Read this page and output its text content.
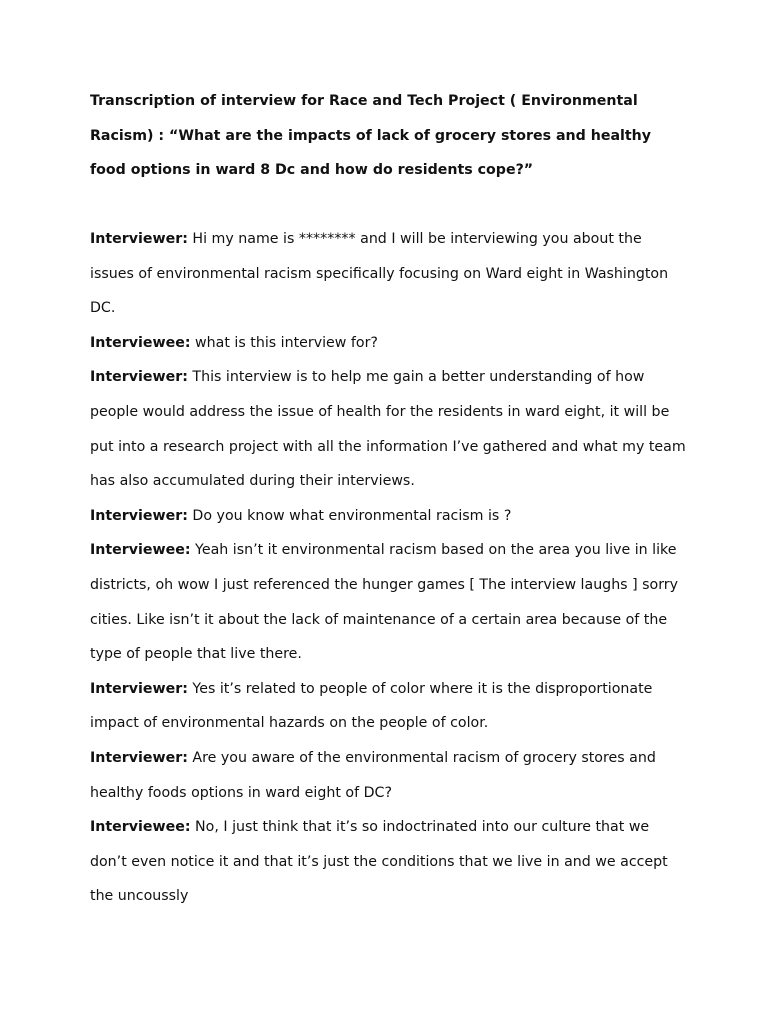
Transcription of interview for Race and Tech Project ( Environmental Racism) : “What are the impacts of lack of grocery stores and healthy food options in ward 8 Dc and how do residents cope?”

Interviewer: Hi my name is ******** and I will be interviewing you about the issues of environmental racism specifically focusing on Ward eight in Washington DC.

Interviewee: what is this interview for?

Interviewer: This interview is to help me gain a better understanding of how people would address the issue of health for the residents in ward eight, it will be put into a research project with all the information I’ve gathered and what my team has also accumulated during their interviews.

Interviewer: Do you know what environmental racism is ?

Interviewee: Yeah isn’t it environmental racism based on the area you live in like districts, oh wow I just referenced the hunger games [ The interview laughs ] sorry cities. Like isn’t it about the lack of maintenance of a certain area because of the type of people that live there.

Interviewer: Yes it’s related to people of color where it is the disproportionate impact of environmental hazards on the people of color.

Interviewer: Are you aware of the environmental racism of grocery stores and healthy foods options in ward eight of DC?

Interviewee: No, I just think that it’s so indoctrinated into our culture that we don’t even notice it and that it’s just the conditions that we live in and we accept the uncoussly
